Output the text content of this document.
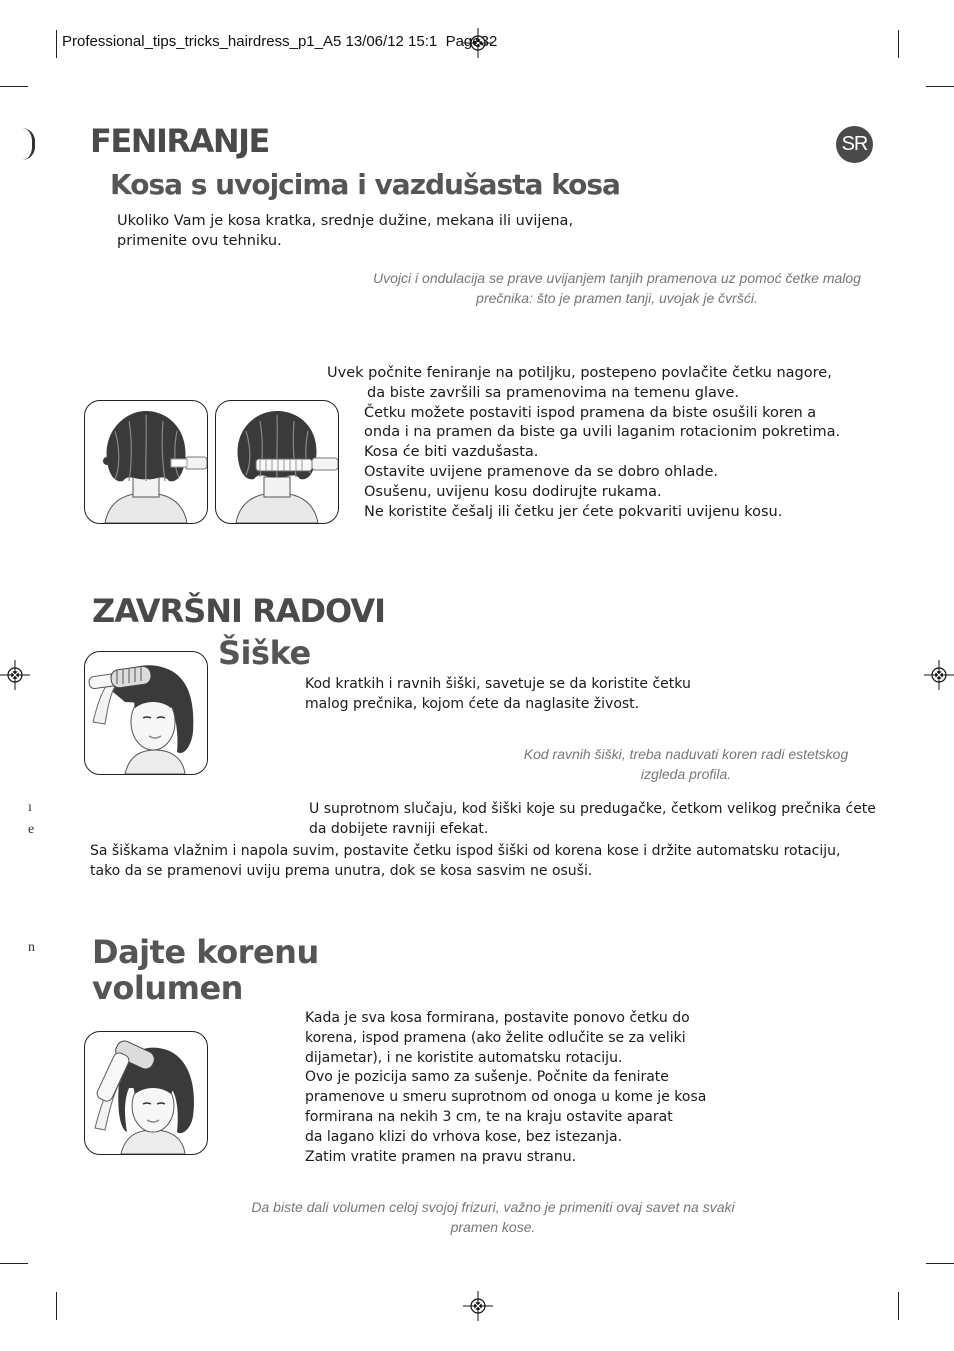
Professional_tips_tricks_hairdress_p1_A5 13/06/12 15:1  Page32
ı
e
n
SR
FENIRANJE
Kosa s uvojcima i vazdušasta kosa
Ukoliko Vam je kosa kratka, srednje dužine, mekana ili uvijena,
primenite ovu tehniku.
Uvojci i ondulacija se prave uvijanjem tanjih pramenova uz pomoć četke malog
prečnika: što je pramen tanji, uvojak je čvršći.
Uvek počnite feniranje na potiljku, postepeno povlačite četku nagore,
da biste završili sa pramenovima na temenu glave.
Četku možete postaviti ispod pramena da biste osušili koren a
onda i na pramen da biste ga uvili laganim rotacionim pokretima.
Kosa će biti vazdušasta.
Ostavite uvijene pramenove da se dobro ohlade.
Osušenu, uvijenu kosu dodirujte rukama.
Ne koristite češalj ili četku jer ćete pokvariti uvijenu kosu.
ZAVRŠNI RADOVI
Šiške
Kod kratkih i ravnih šiški, savetuje se da koristite četku
malog prečnika, kojom ćete da naglasite živost.
Kod ravnih šiški, treba naduvati koren radi estetskog
izgleda profila.
U suprotnom slučaju, kod šiški koje su predugačke, četkom velikog prečnika ćete
da dobijete ravniji efekat.
Sa šiškama vlažnim i napola suvim, postavite četku ispod šiški od korena kose i držite automatsku rotaciju,
tako da se pramenovi uviju prema unutra, dok se kosa sasvim ne osuši.
Dajte korenu
volumen
Kada je sva kosa formirana, postavite ponovo četku do
korena, ispod pramena (ako želite odlučite se za veliki
dijametar), i ne koristite automatsku rotaciju.
Ovo je pozicija samo za sušenje. Počnite da fenirate
pramenove u smeru suprotnom od onoga u kome je kosa
formirana na nekih 3 cm, te na kraju ostavite aparat
da lagano klizi do vrhova kose, bez istezanja.
Zatim vratite pramen na pravu stranu.
Da biste dali volumen celoj svojoj frizuri, važno je primeniti ovaj savet na svaki
pramen kose.
